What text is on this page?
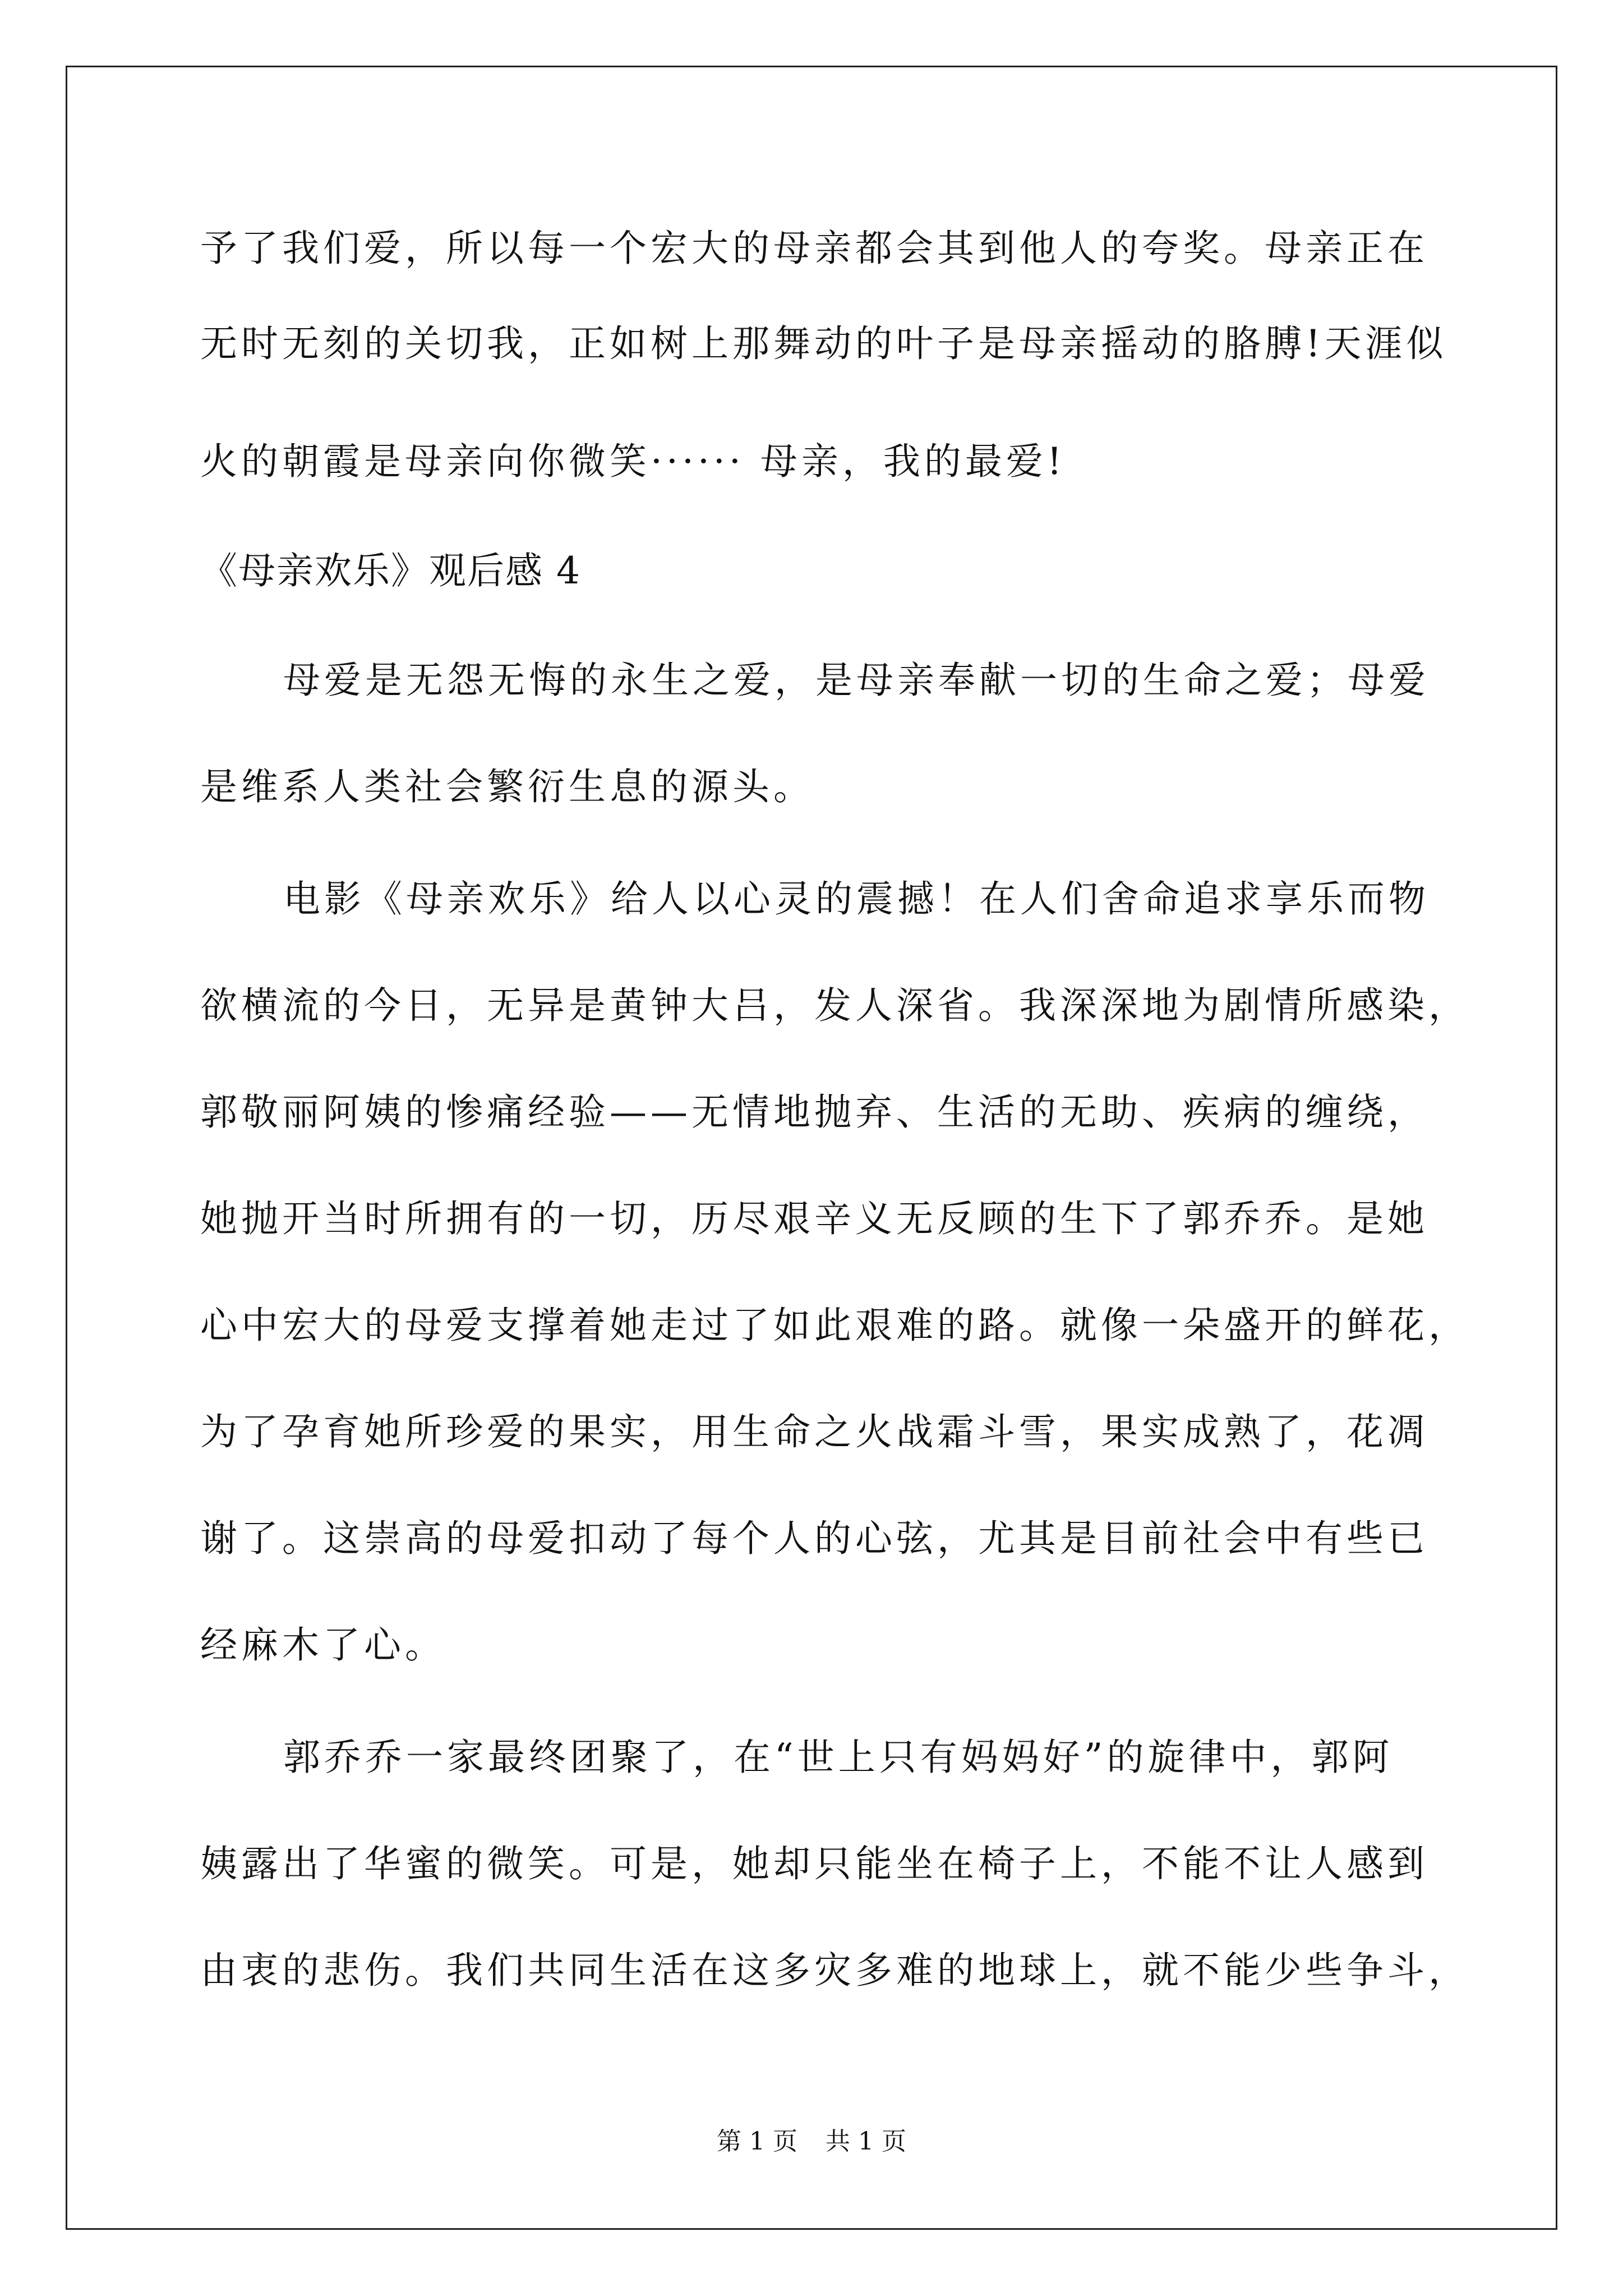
予了我们爱，所以每一个宏大的母亲都会其到他人的夸奖。母亲正在
无时无刻的关切我，正如树上那舞动的叶子是母亲摇动的胳膊!天涯似
火的朝霞是母亲向你微笑······ 母亲，我的最爱!
《母亲欢乐》观后感 4
母爱是无怨无悔的永生之爱，是母亲奉献一切的生命之爱；母爱
是维系人类社会繁衍生息的源头。
电影《母亲欢乐》给人以心灵的震撼！在人们舍命追求享乐而物
欲横流的今日，无异是黄钟大吕，发人深省。我深深地为剧情所感染，
郭敬丽阿姨的惨痛经验——无情地抛弃、生活的无助、疾病的缠绕，
她抛开当时所拥有的一切，历尽艰辛义无反顾的生下了郭乔乔。是她
心中宏大的母爱支撑着她走过了如此艰难的路。就像一朵盛开的鲜花，
为了孕育她所珍爱的果实，用生命之火战霜斗雪，果实成熟了，花凋
谢了。这崇高的母爱扣动了每个人的心弦，尤其是目前社会中有些已
经麻木了心。
郭乔乔一家最终团聚了，在“世上只有妈妈好”的旋律中，郭阿
姨露出了华蜜的微笑。可是，她却只能坐在椅子上，不能不让人感到
由衷的悲伤。我们共同生活在这多灾多难的地球上，就不能少些争斗，
第 1 页 共 1 页
